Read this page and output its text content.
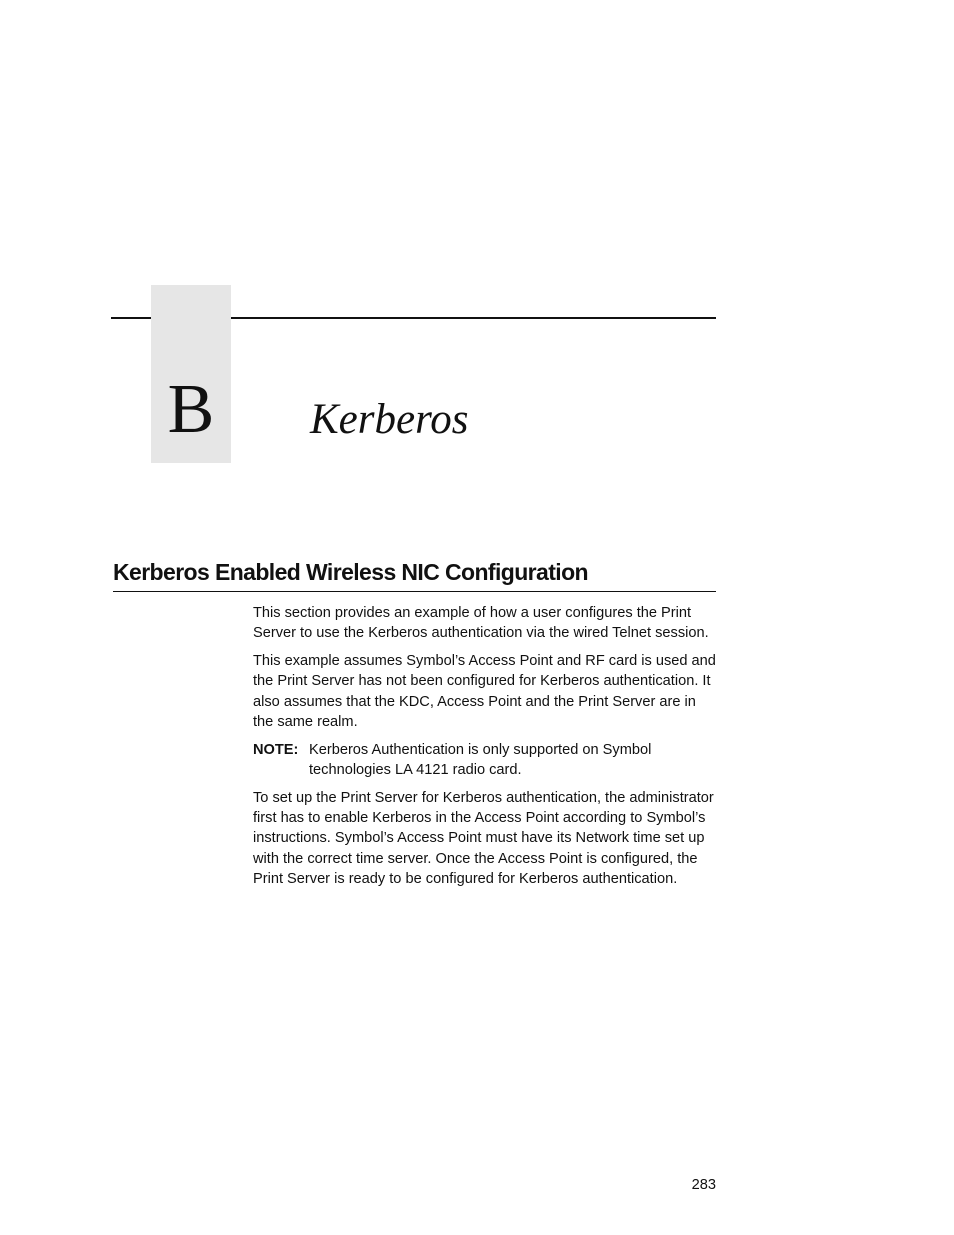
B	Kerberos
Kerberos Enabled Wireless NIC Configuration

This section provides an example of how a user configures the Print Server to use the Kerberos authentication via the wired Telnet session.

This example assumes Symbol’s Access Point and RF card is used and the Print Server has not been configured for Kerberos authentication. It also assumes that the KDC, Access Point and the Print Server are in the same realm.

NOTE: Kerberos Authentication is only supported on Symbol technologies LA 4121 radio card.

To set up the Print Server for Kerberos authentication, the administrator first has to enable Kerberos in the Access Point according to Symbol’s instructions. Symbol’s Access Point must have its Network time set up with the correct time server. Once the Access Point is configured, the Print Server is ready to be configured for Kerberos authentication.

283
